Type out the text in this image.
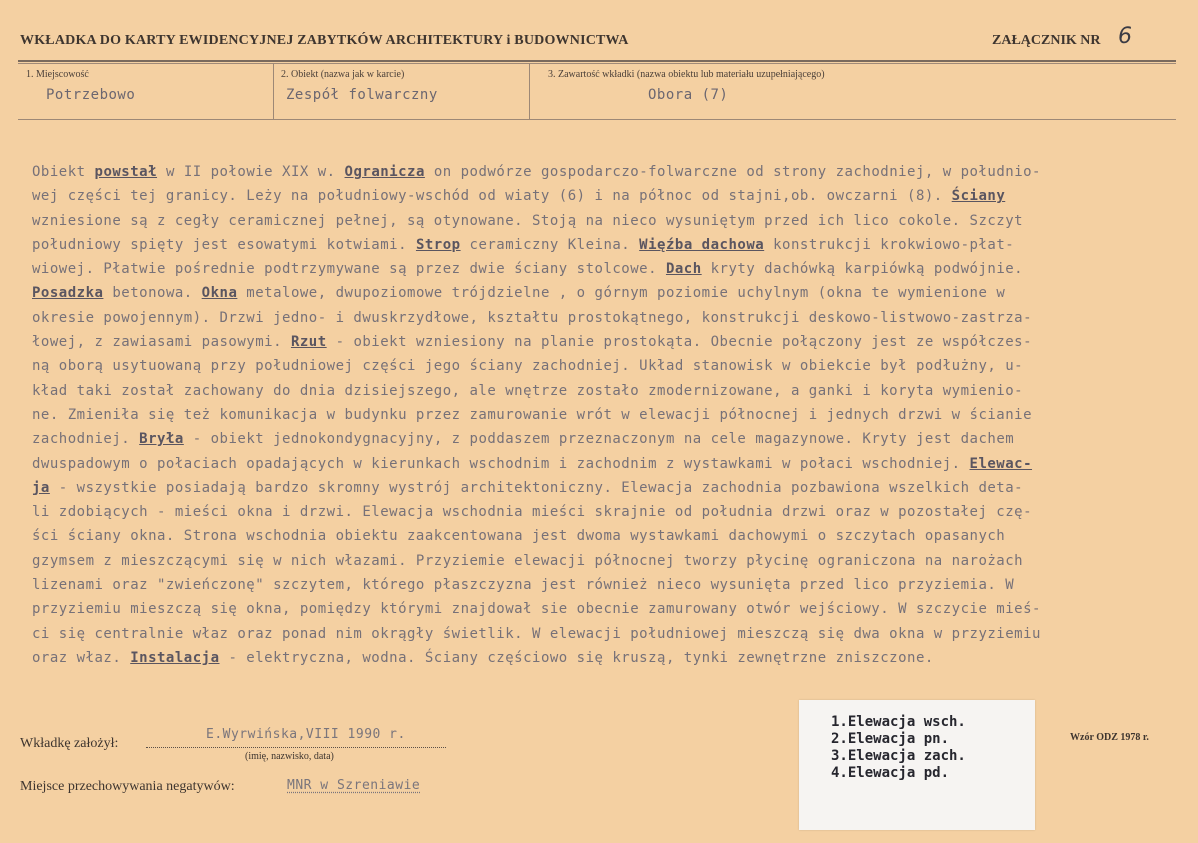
WKŁADKA DO KARTY EWIDENCYJNEJ ZABYTKÓW ARCHITEKTURY i BUDOWNICTWA	ZAŁĄCZNIK NR 6
1. Miejscowość
Potrzebowo
2. Obiekt (nazwa jak w karcie)
Zespół folwarczny
3. Zawartość wkładki (nazwa obiektu lub materiału uzupełniającego)
Obora (7)
Obiekt powstał w II połowie XIX w. Ogranicza on podwórze gospodarczo-folwarczne od strony zachodniej, w południo-
wej części tej granicy. Leży na południowy-wschód od wiaty (6) i na północ od stajni,ob. owczarni (8). Ściany
wzniesione są z cegły ceramicznej pełnej, są otynowane. Stoją na nieco wysuniętym przed ich lico cokole. Szczyt
południowy spięty jest esowatymi kotwiami. Strop ceramiczny Kleina. Więźba dachowa konstrukcji krokwiowo-płat-
wiowej. Płatwie pośrednie podtrzymywane są przez dwie ściany stolcowe. Dach kryty dachówką karpiówką podwójnie.
Posadzka betonowa. Okna metalowe, dwupoziomowe trójdzielne , o górnym poziomie uchylnym (okna te wymienione w
okresie powojennym). Drzwi jedno- i dwuskrzydłowe, kształtu prostokątnego, konstrukcji deskowo-listwowo-zastrza-
łowej, z zawiasami pasowymi. Rzut - obiekt wzniesiony na planie prostokąta. Obecnie połączony jest ze współczes-
ną oborą usytuowaną przy południowej części jego ściany zachodniej. Układ stanowisk w obiekcie był podłużny, u-
kład taki został zachowany do dnia dzisiejszego, ale wnętrze zostało zmodernizowane, a ganki i koryta wymienio-
ne. Zmieniła się też komunikacja w budynku przez zamurowanie wrót w elewacji północnej i jednych drzwi w ścianie
zachodniej. Bryła - obiekt jednokondygnacyjny, z poddaszem przeznaczonym na cele magazynowe. Kryty jest dachem
dwuspadowym o połaciach opadających w kierunkach wschodnim i zachodnim z wystawkami w połaci wschodniej. Elewac-
ja - wszystkie posiadają bardzo skromny wystrój architektoniczny. Elewacja zachodnia pozbawiona wszelkich deta-
li zdobiących - mieści okna i drzwi. Elewacja wschodnia mieści skrajnie od południa drzwi oraz w pozostałej czę-
ści ściany okna. Strona wschodnia obiektu zaakcentowana jest dwoma wystawkami dachowymi o szczytach opasanych
gzymsem z mieszczącymi się w nich włazami. Przyziemie elewacji północnej tworzy płycinę ograniczona na narożach
lizenami oraz "zwieńczonę" szczytem, którego płaszczyzna jest również nieco wysunięta przed lico przyziemia. W
przyziemiu mieszczą się okna, pomiędzy którymi znajdował sie obecnie zamurowany otwór wejściowy. W szczycie mieś-
ci się centralnie właz oraz ponad nim okrągły świetlik. W elewacji południowej mieszczą się dwa okna w przyziemiu
oraz właz. Instalacja - elektryczna, wodna. Ściany częściowo się kruszą, tynki zewnętrzne zniszczone.
Wkładkę założył:
E.Wyrwińska,VIII 1990 r.
(imię, nazwisko, data)
Miejsce przechowywania negatywów:	MNR w Szreniawie
Wzór ODZ 1978 r.
1.Elewacja wsch.
2.Elewacja pn.
3.Elewacja zach.
4.Elewacja pd.
